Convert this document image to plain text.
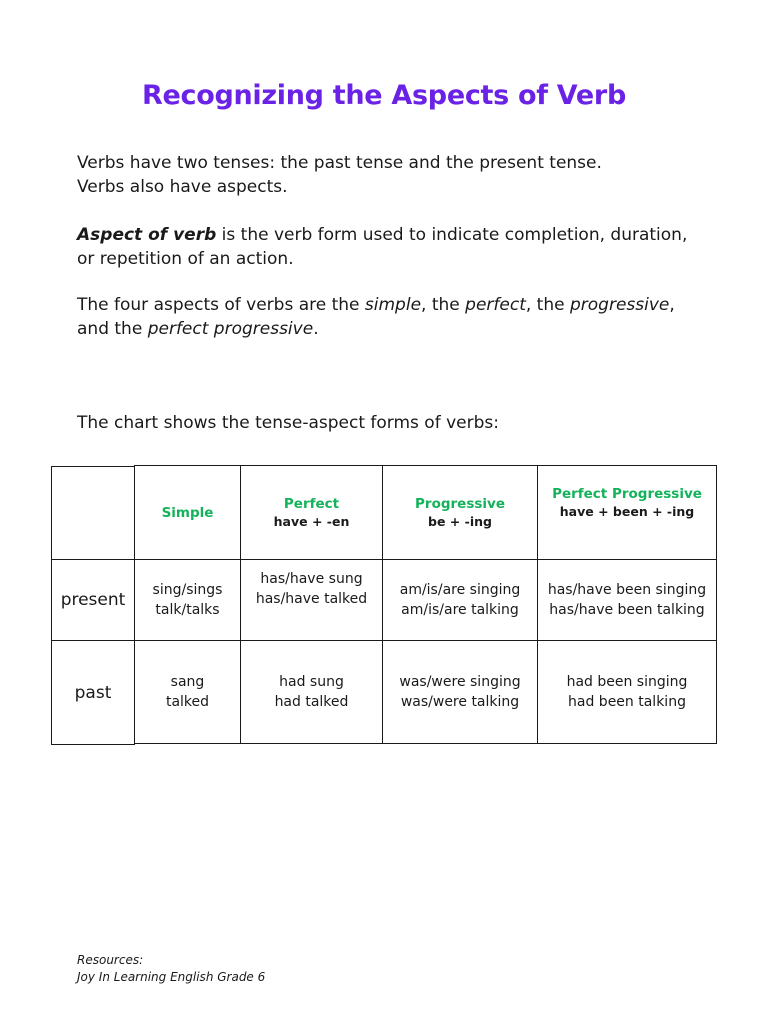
Recognizing the Aspects of Verb
Verbs have two tenses: the past tense and the present tense.
Verbs also have aspects.
Aspect of verb is the verb form used to indicate completion, duration,
or repetition of an action.
The four aspects of verbs are the simple, the perfect, the progressive,
and the perfect progressive.
The chart shows the tense-aspect forms of verbs:
Simple
Perfect
have + -en
Progressive
be + -ing
Perfect Progressive
have + been + -ing
present	sing/sings
talk/talks
has/have sung
has/have talked
am/is/are singing
am/is/are talking
has/have been singing
has/have been talking
past
sang
talked
had sung
had talked
was/were singing
was/were talking
had been singing
had been talking
Resources:
Joy In Learning English Grade 6
